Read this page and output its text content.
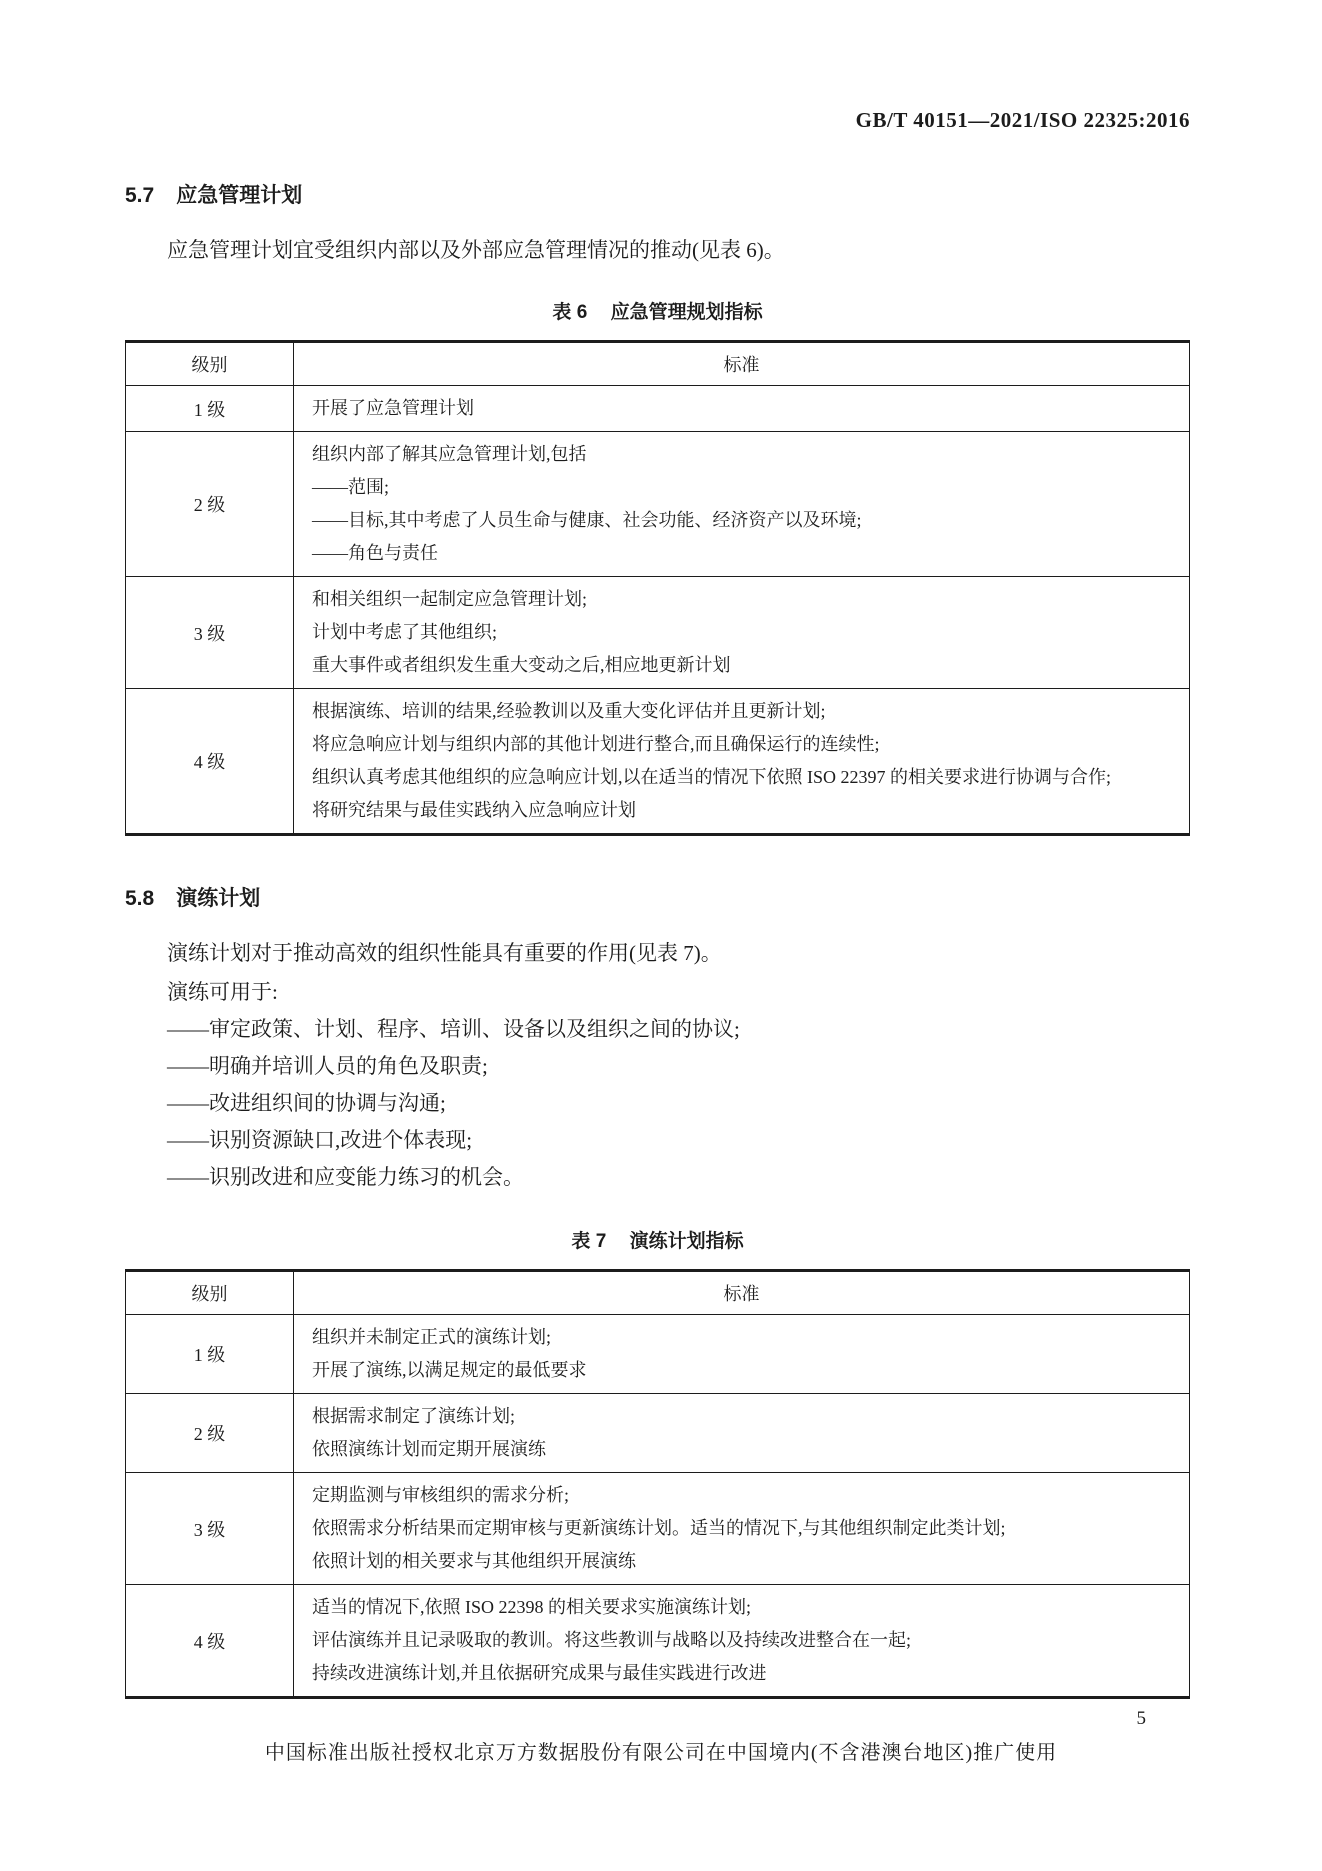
GB/T 40151—2021/ISO 22325:2016
5.7 应急管理计划

应急管理计划宜受组织内部以及外部应急管理情况的推动(见表 6)。

表 6 应急管理规划指标
级别	标准
1 级	开展了应急管理计划

2 级	组织内部了解其应急管理计划,包括
——范围;
——目标,其中考虑了人员生命与健康、社会功能、经济资产以及环境;
——角色与责任

3 级	和相关组织一起制定应急管理计划;
计划中考虑了其他组织;
重大事件或者组织发生重大变动之后,相应地更新计划

4 级	根据演练、培训的结果,经验教训以及重大变化评估并且更新计划;
将应急响应计划与组织内部的其他计划进行整合,而且确保运行的连续性;
组织认真考虑其他组织的应急响应计划,以在适当的情况下依照 ISO 22397 的相关要求进行协调与合作;
将研究结果与最佳实践纳入应急响应计划
5.8 演练计划

演练计划对于推动高效的组织性能具有重要的作用(见表 7)。

演练可用于:
——审定政策、计划、程序、培训、设备以及组织之间的协议;
——明确并培训人员的角色及职责;
——改进组织间的协调与沟通;
——识别资源缺口,改进个体表现;
——识别改进和应变能力练习的机会。
表 7 演练计划指标
级别	标准
1 级	组织并未制定正式的演练计划;
开展了演练,以满足规定的最低要求

2 级	根据需求制定了演练计划;
依照演练计划而定期开展演练

3 级	定期监测与审核组织的需求分析;
依照需求分析结果而定期审核与更新演练计划。适当的情况下,与其他组织制定此类计划;
依照计划的相关要求与其他组织开展演练

4 级	适当的情况下,依照 ISO 22398 的相关要求实施演练计划;
评估演练并且记录吸取的教训。将这些教训与战略以及持续改进整合在一起;
持续改进演练计划,并且依据研究成果与最佳实践进行改进
5
中国标准出版社授权北京万方数据股份有限公司在中国境内(不含港澳台地区)推广使用
